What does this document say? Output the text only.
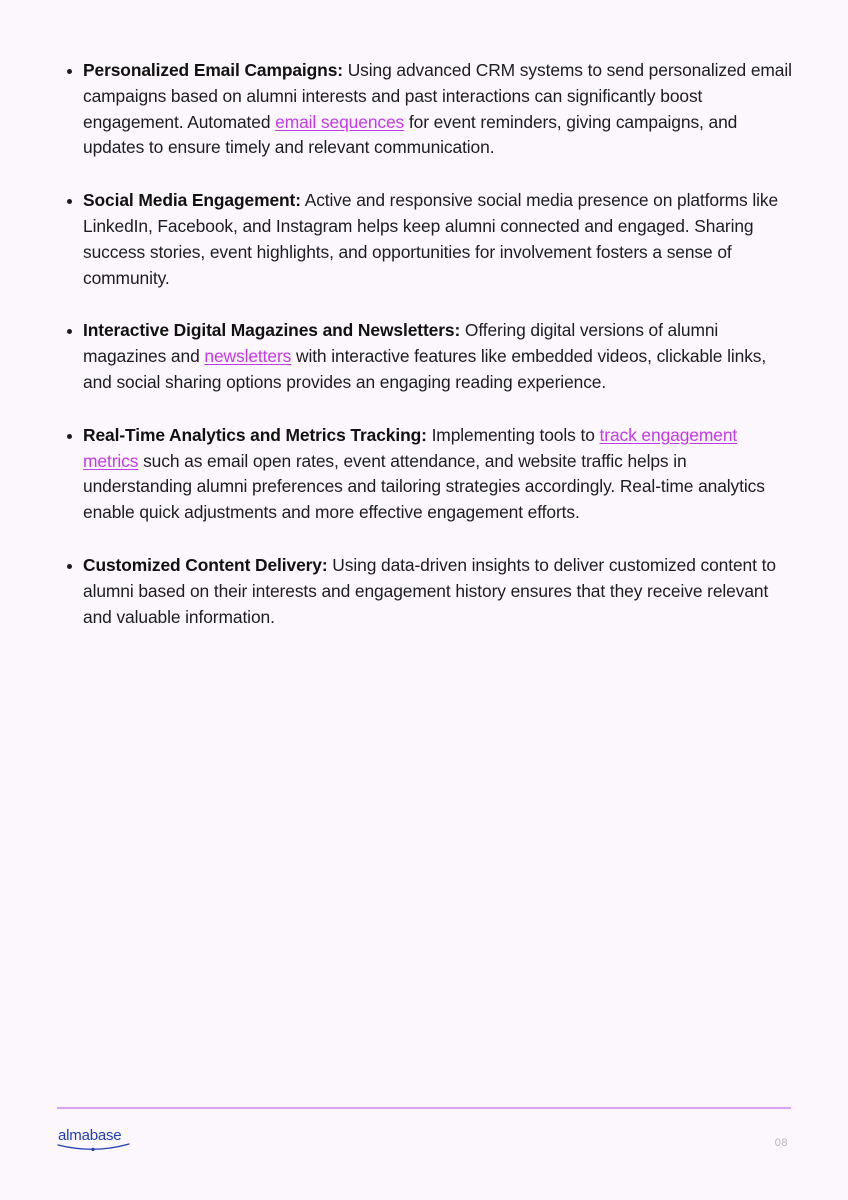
Personalized Email Campaigns: Using advanced CRM systems to send personalized email campaigns based on alumni interests and past interactions can significantly boost engagement. Automated email sequences for event reminders, giving campaigns, and updates to ensure timely and relevant communication.
Social Media Engagement: Active and responsive social media presence on platforms like LinkedIn, Facebook, and Instagram helps keep alumni connected and engaged. Sharing success stories, event highlights, and opportunities for involvement fosters a sense of community.
Interactive Digital Magazines and Newsletters: Offering digital versions of alumni magazines and newsletters with interactive features like embedded videos, clickable links, and social sharing options provides an engaging reading experience.
Real-Time Analytics and Metrics Tracking: Implementing tools to track engagement metrics such as email open rates, event attendance, and website traffic helps in understanding alumni preferences and tailoring strategies accordingly. Real-time analytics enable quick adjustments and more effective engagement efforts.
Customized Content Delivery: Using data-driven insights to deliver customized content to alumni based on their interests and engagement history ensures that they receive relevant and valuable information.
almabase	08
